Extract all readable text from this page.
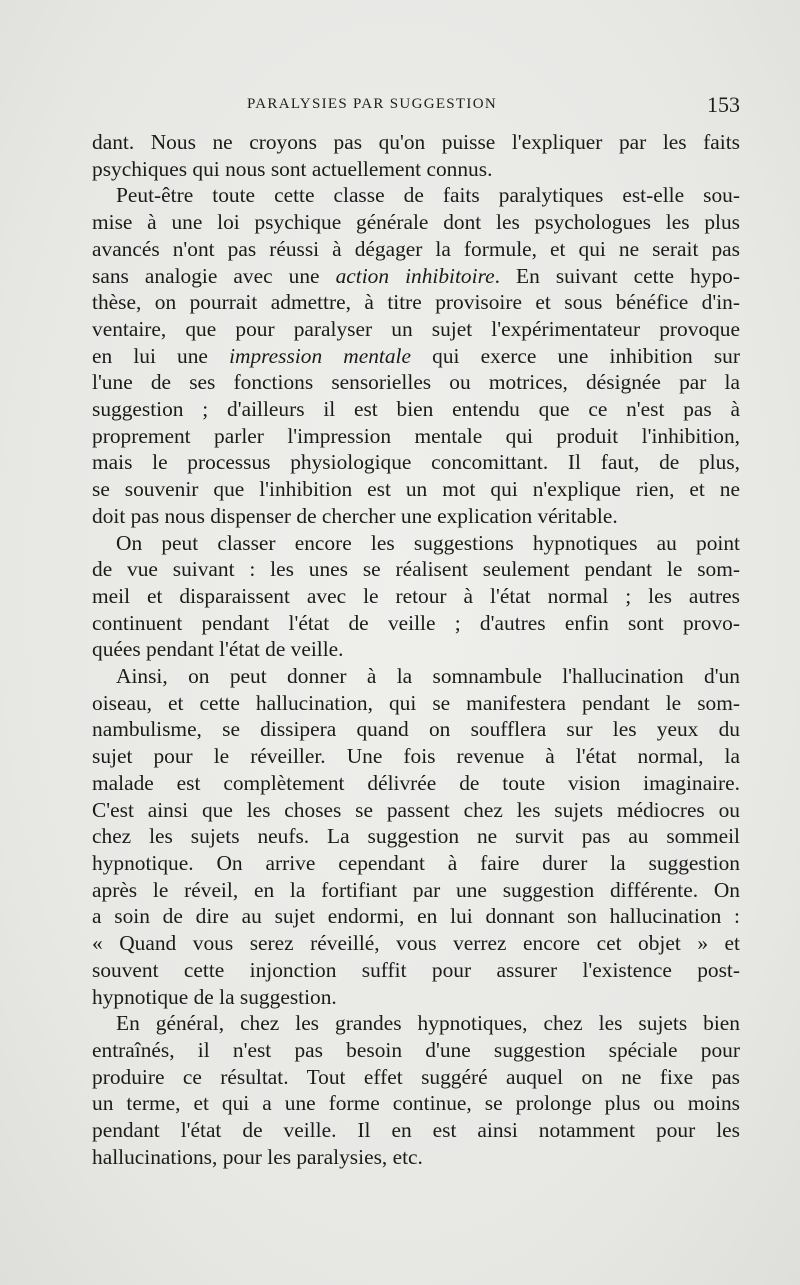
PARALYSIES PAR SUGGESTION	153
dant. Nous ne croyons pas qu'on puisse l'expliquer par les faits
psychiques qui nous sont actuellement connus.
Peut-être toute cette classe de faits paralytiques est-elle sou-
mise à une loi psychique générale dont les psychologues les plus
avancés n'ont pas réussi à dégager la formule, et qui ne serait pas
sans analogie avec une action inhibitoire. En suivant cette hypo-
thèse, on pourrait admettre, à titre provisoire et sous bénéfice d'in-
ventaire, que pour paralyser un sujet l'expérimentateur provoque
en lui une impression mentale qui exerce une inhibition sur
l'une de ses fonctions sensorielles ou motrices, désignée par la
suggestion ; d'ailleurs il est bien entendu que ce n'est pas à
proprement parler l'impression mentale qui produit l'inhibition,
mais le processus physiologique concomittant. Il faut, de plus,
se souvenir que l'inhibition est un mot qui n'explique rien, et ne
doit pas nous dispenser de chercher une explication véritable.
On peut classer encore les suggestions hypnotiques au point
de vue suivant : les unes se réalisent seulement pendant le som-
meil et disparaissent avec le retour à l'état normal ; les autres
continuent pendant l'état de veille ; d'autres enfin sont provo-
quées pendant l'état de veille.
Ainsi, on peut donner à la somnambule l'hallucination d'un
oiseau, et cette hallucination, qui se manifestera pendant le som-
nambulisme, se dissipera quand on soufflera sur les yeux du
sujet pour le réveiller. Une fois revenue à l'état normal, la
malade est complètement délivrée de toute vision imaginaire.
C'est ainsi que les choses se passent chez les sujets médiocres ou
chez les sujets neufs. La suggestion ne survit pas au sommeil
hypnotique. On arrive cependant à faire durer la suggestion
après le réveil, en la fortifiant par une suggestion différente. On
a soin de dire au sujet endormi, en lui donnant son hallucination :
« Quand vous serez réveillé, vous verrez encore cet objet » et
souvent cette injonction suffit pour assurer l'existence post-
hypnotique de la suggestion.
En général, chez les grandes hypnotiques, chez les sujets bien
entraînés, il n'est pas besoin d'une suggestion spéciale pour
produire ce résultat. Tout effet suggéré auquel on ne fixe pas
un terme, et qui a une forme continue, se prolonge plus ou moins
pendant l'état de veille. Il en est ainsi notamment pour les
hallucinations, pour les paralysies, etc.
